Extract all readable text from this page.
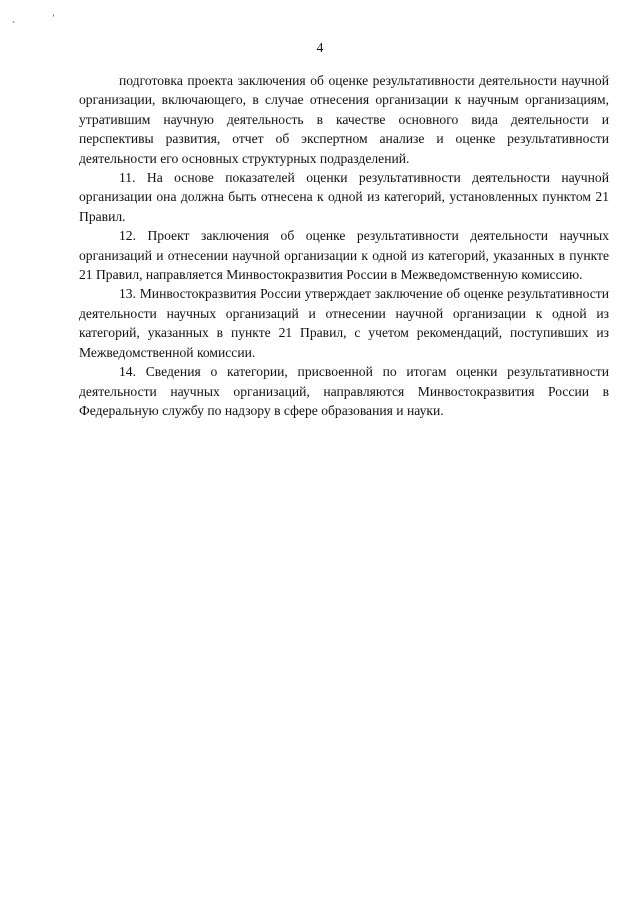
¸	ʼ
4

подготовка проекта заключения об оценке результативности деятельности научной организации, включающего, в случае отнесения организации к научным организациям, утратившим научную деятельность в качестве основного вида деятельности и перспективы развития, отчет об экспертном анализе и оценке результативности деятельности его основных структурных подразделений.

11. На основе показателей оценки результативности деятельности научной организации она должна быть отнесена к одной из категорий, установленных пунктом 21 Правил.

12. Проект заключения об оценке результативности деятельности научных организаций и отнесении научной организации к одной из категорий, указанных в пункте 21 Правил, направляется Минвостокразвития России в Межведомственную комиссию.

13. Минвостокразвития России утверждает заключение об оценке результативности деятельности научных организаций и отнесении научной организации к одной из категорий, указанных в пункте 21 Правил, с учетом рекомендаций, поступивших из Межведомственной комиссии.

14. Сведения о категории, присвоенной по итогам оценки результативности деятельности научных организаций, направляются Минвостокразвития России в Федеральную службу по надзору в сфере образования и науки.
